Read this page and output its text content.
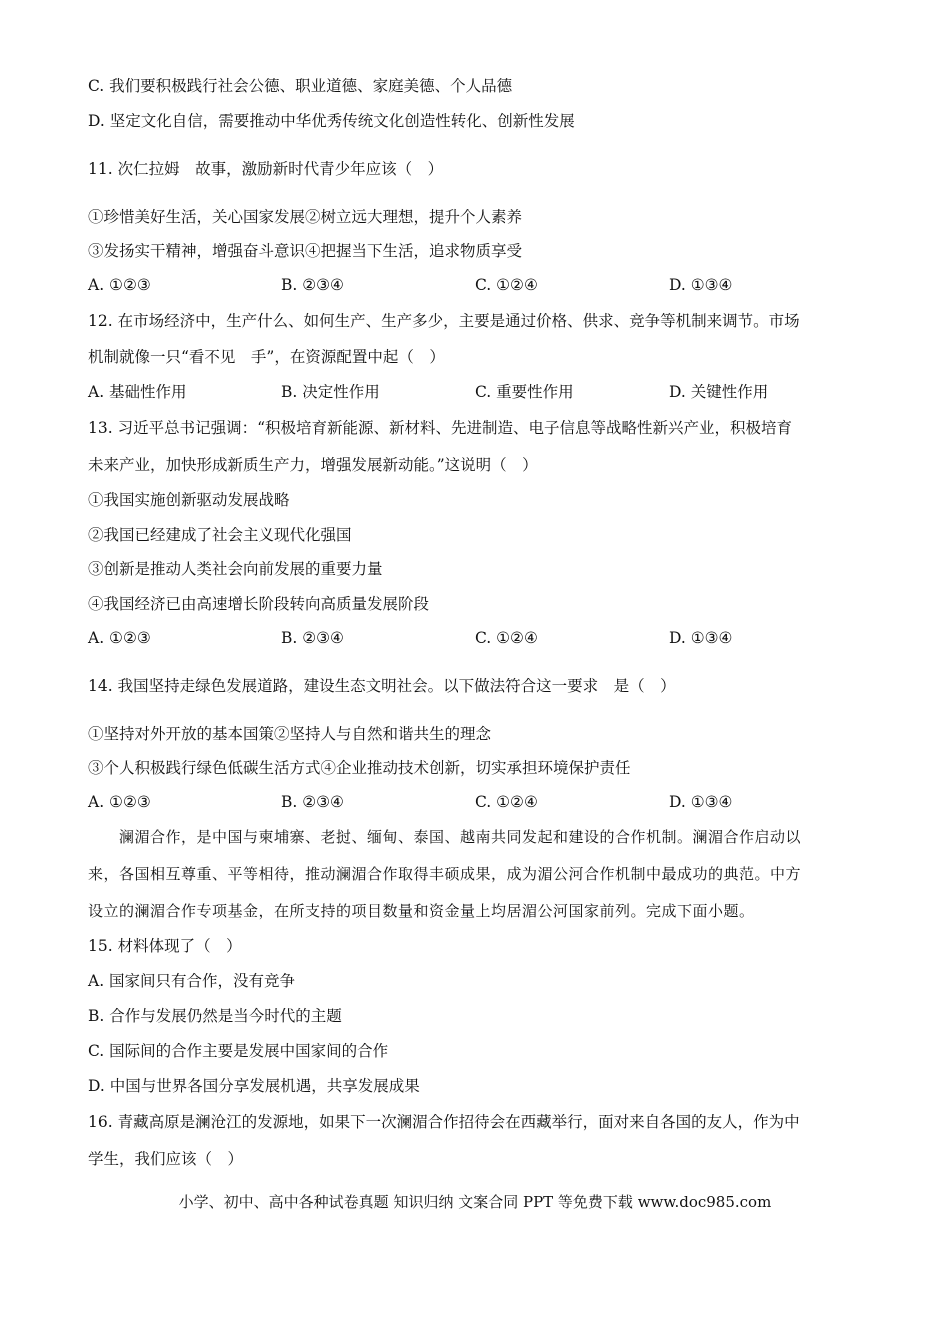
C. 我们要积极践行社会公德、职业道德、家庭美德、个人品德
D. 坚定文化自信，需要推动中华优秀传统文化创造性转化、创新性发展
11. 次仁拉姆　故事，激励新时代青少年应该（　）
①珍惜美好生活，关心国家发展②树立远大理想，提升个人素养
③发扬实干精神，增强奋斗意识④把握当下生活，追求物质享受
A. ①②③	B. ②③④	C. ①②④	D. ①③④
12. 在市场经济中，生产什么、如何生产、生产多少，主要是通过价格、供求、竞争等机制来调节。市场
机制就像一只“看不见　手”，在资源配置中起（　）
A. 基础性作用	B. 决定性作用	C. 重要性作用	D. 关键性作用
13. 习近平总书记强调：“积极培育新能源、新材料、先进制造、电子信息等战略性新兴产业，积极培育
未来产业，加快形成新质生产力，增强发展新动能。”这说明（　）
①我国实施创新驱动发展战略
②我国已经建成了社会主义现代化强国
③创新是推动人类社会向前发展的重要力量
④我国经济已由高速增长阶段转向高质量发展阶段
A. ①②③	B. ②③④	C. ①②④	D. ①③④
14. 我国坚持走绿色发展道路，建设生态文明社会。以下做法符合这一要求　是（　）
①坚持对外开放的基本国策②坚持人与自然和谐共生的理念
③个人积极践行绿色低碳生活方式④企业推动技术创新，切实承担环境保护责任
A. ①②③	B. ②③④	C. ①②④	D. ①③④
　　澜湄合作，是中国与柬埔寨、老挝、缅甸、泰国、越南共同发起和建设的合作机制。澜湄合作启动以
来，各国相互尊重、平等相待，推动澜湄合作取得丰硕成果，成为湄公河合作机制中最成功的典范。中方
设立的澜湄合作专项基金，在所支持的项目数量和资金量上均居湄公河国家前列。完成下面小题。
15. 材料体现了（　）
A. 国家间只有合作，没有竞争
B. 合作与发展仍然是当今时代的主题
C. 国际间的合作主要是发展中国家间的合作
D. 中国与世界各国分享发展机遇，共享发展成果
16. 青藏高原是澜沧江的发源地，如果下一次澜湄合作招待会在西藏举行，面对来自各国的友人，作为中
学生，我们应该（　）
小学、初中、高中各种试卷真题 知识归纳 文案合同 PPT 等免费下载 www.doc985.com
